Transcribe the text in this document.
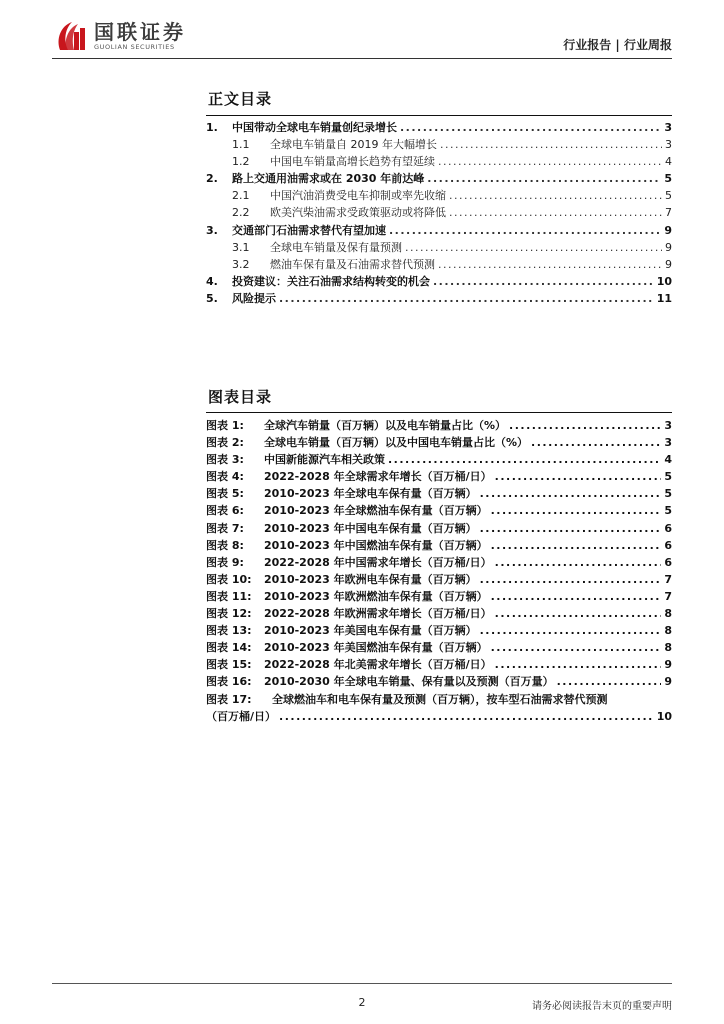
国联证券
GUOLIAN SECURITIES	行业报告 | 行业周报
正文目录
1.	中国带动全球电车销量创纪录增长 .....	3
1.1	全球电车销量自 2019 年大幅增长 .....	3
1.2	中国电车销量高增长趋势有望延续 .....	4
2.	路上交通用油需求或在 2030 年前达峰 .....	5
2.1	中国汽油消费受电车抑制或率先收缩 .....	5
2.2	欧美汽柴油需求受政策驱动或将降低 .....	7
3.	交通部门石油需求替代有望加速 .....	9
3.1	全球电车销量及保有量预测 .....	9
3.2	燃油车保有量及石油需求替代预测 .....	9
4.	投资建议：关注石油需求结构转变的机会 .....	10
5.	风险提示 .....	11
图表目录
图表 1:	全球汽车销量（百万辆）以及电车销量占比（%） .....	3
图表 2:	全球电车销量（百万辆）以及中国电车销量占比（%） .....	3
图表 3:	中国新能源汽车相关政策 .....	4
图表 4:	2022-2028 年全球需求年增长（百万桶/日） .....	5
图表 5:	2010-2023 年全球电车保有量（百万辆） .....	5
图表 6:	2010-2023 年全球燃油车保有量（百万辆） .....	5
图表 7:	2010-2023 年中国电车保有量（百万辆） .....	6
图表 8:	2010-2023 年中国燃油车保有量（百万辆） .....	6
图表 9:	2022-2028 年中国需求年增长（百万桶/日） .....	6
图表 10:	2010-2023 年欧洲电车保有量（百万辆） .....	7
图表 11:	2010-2023 年欧洲燃油车保有量（百万辆） .....	7
图表 12:	2022-2028 年欧洲需求年增长（百万桶/日） .....	8
图表 13:	2010-2023 年美国电车保有量（百万辆） .....	8
图表 14:	2010-2023 年美国燃油车保有量（百万辆） .....	8
图表 15:	2022-2028 年北美需求年增长（百万桶/日） .....	9
图表 16:	2010-2030 年全球电车销量、保有量以及预测（百万量） .....	9
图表 17:	全球燃油车和电车保有量及预测（百万辆），按车型石油需求替代预测
（百万桶/日） .....	10
2	请务必阅读报告末页的重要声明
